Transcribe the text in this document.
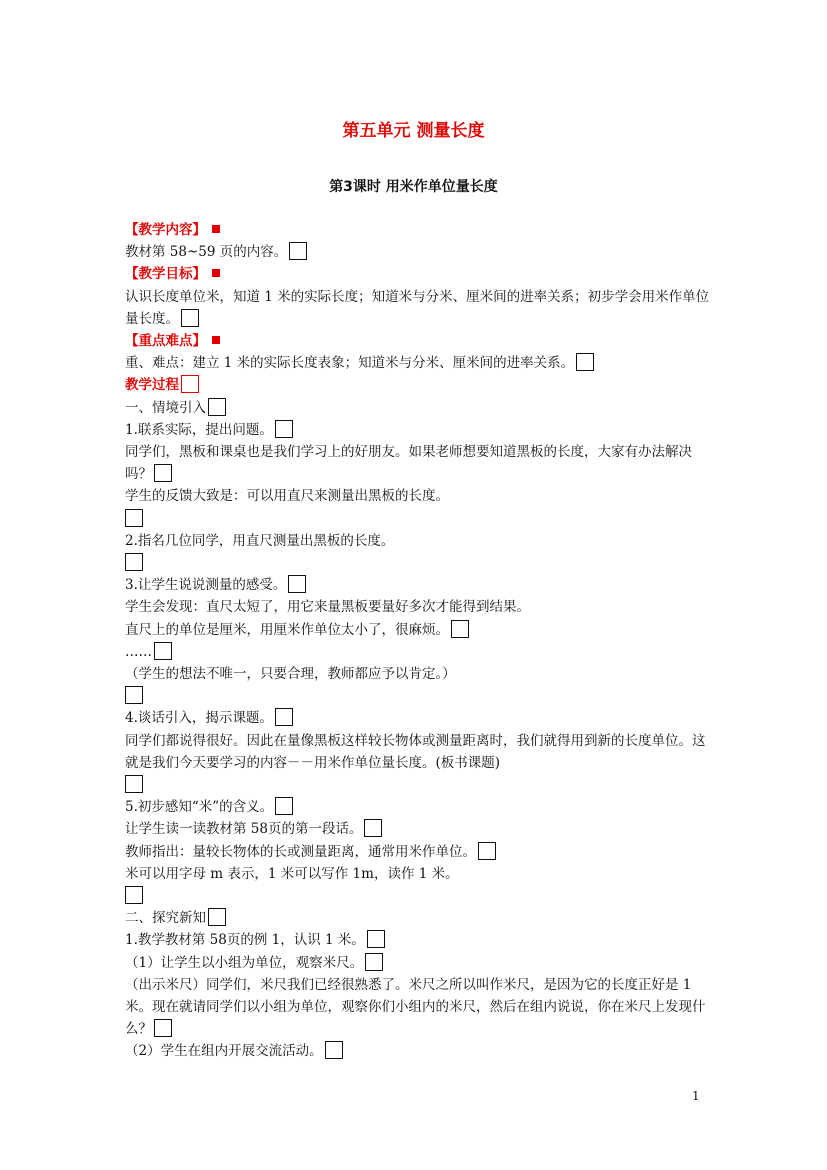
第五单元 测量长度
第3课时 用米作单位量长度
【教学内容】
教材第 58~59 页的内容。
【教学目标】
认识长度单位米，知道 1 米的实际长度；知道米与分米、厘米间的进率关系；初步学会用米作单位量长度。
【重点难点】
重、难点：建立 1 米的实际长度表象；知道米与分米、厘米间的进率关系。
教学过程
一、情境引入
1.联系实际，提出问题。
同学们，黑板和课桌也是我们学习上的好朋友。如果老师想要知道黑板的长度，大家有办法解决吗？
学生的反馈大致是：可以用直尺来测量出黑板的长度。
2.指名几位同学，用直尺测量出黑板的长度。
3.让学生说说测量的感受。
学生会发现：直尺太短了，用它来量黑板要量好多次才能得到结果。
直尺上的单位是厘米，用厘米作单位太小了，很麻烦。
……
（学生的想法不唯一，只要合理，教师都应予以肯定。）
4.谈话引入，揭示课题。
同学们都说得很好。因此在量像黑板这样较长物体或测量距离时，我们就得用到新的长度单位。这就是我们今天要学习的内容－－用米作单位量长度。(板书课题)
5.初步感知“米”的含义。
让学生读一读教材第 58页的第一段话。
教师指出：量较长物体的长或测量距离，通常用米作单位。
米可以用字母 m 表示，1 米可以写作 1m，读作 1 米。
二、探究新知
1.教学教材第 58页的例 1，认识 1 米。
（1）让学生以小组为单位，观察米尺。
（出示米尺）同学们，米尺我们已经很熟悉了。米尺之所以叫作米尺，是因为它的长度正好是 1 米。现在就请同学们以小组为单位，观察你们小组内的米尺，然后在组内说说，你在米尺上发现什么？
（2）学生在组内开展交流活动。
1
